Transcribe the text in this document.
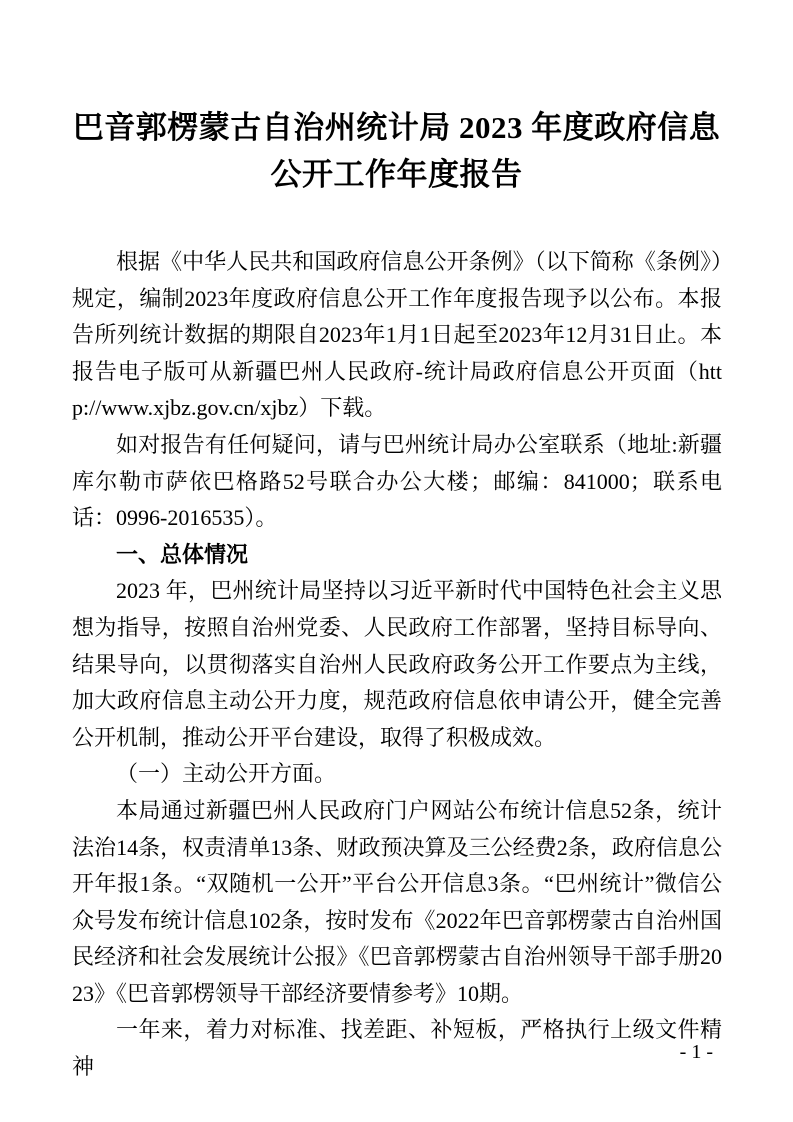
巴音郭楞蒙古自治州统计局 2023 年度政府信息公开工作年度报告

根据《中华人民共和国政府信息公开条例》（以下简称《条例》）规定，编制2023年度政府信息公开工作年度报告现予以公布。本报告所列统计数据的期限自2023年1月1日起至2023年12月31日止。本报告电子版可从新疆巴州人民政府-统计局政府信息公开页面（http://www.xjbz.gov.cn/xjbz）下载。

如对报告有任何疑问，请与巴州统计局办公室联系（地址:新疆库尔勒市萨依巴格路52号联合办公大楼；邮编：841000；联系电话：0996-2016535）。

一、总体情况

2023 年，巴州统计局坚持以习近平新时代中国特色社会主义思想为指导，按照自治州党委、人民政府工作部署，坚持目标导向、结果导向，以贯彻落实自治州人民政府政务公开工作要点为主线，加大政府信息主动公开力度，规范政府信息依申请公开，健全完善公开机制，推动公开平台建设，取得了积极成效。

（一）主动公开方面。

本局通过新疆巴州人民政府门户网站公布统计信息52条，统计法治14条，权责清单13条、财政预决算及三公经费2条，政府信息公开年报1条。“双随机一公开”平台公开信息3条。“巴州统计”微信公众号发布统计信息102条，按时发布《2022年巴音郭楞蒙古自治州国民经济和社会发展统计公报》《巴音郭楞蒙古自治州领导干部手册2023》《巴音郭楞领导干部经济要情参考》10期。

一年来，着力对标准、找差距、补短板，严格执行上级文件精神

- 1 -
